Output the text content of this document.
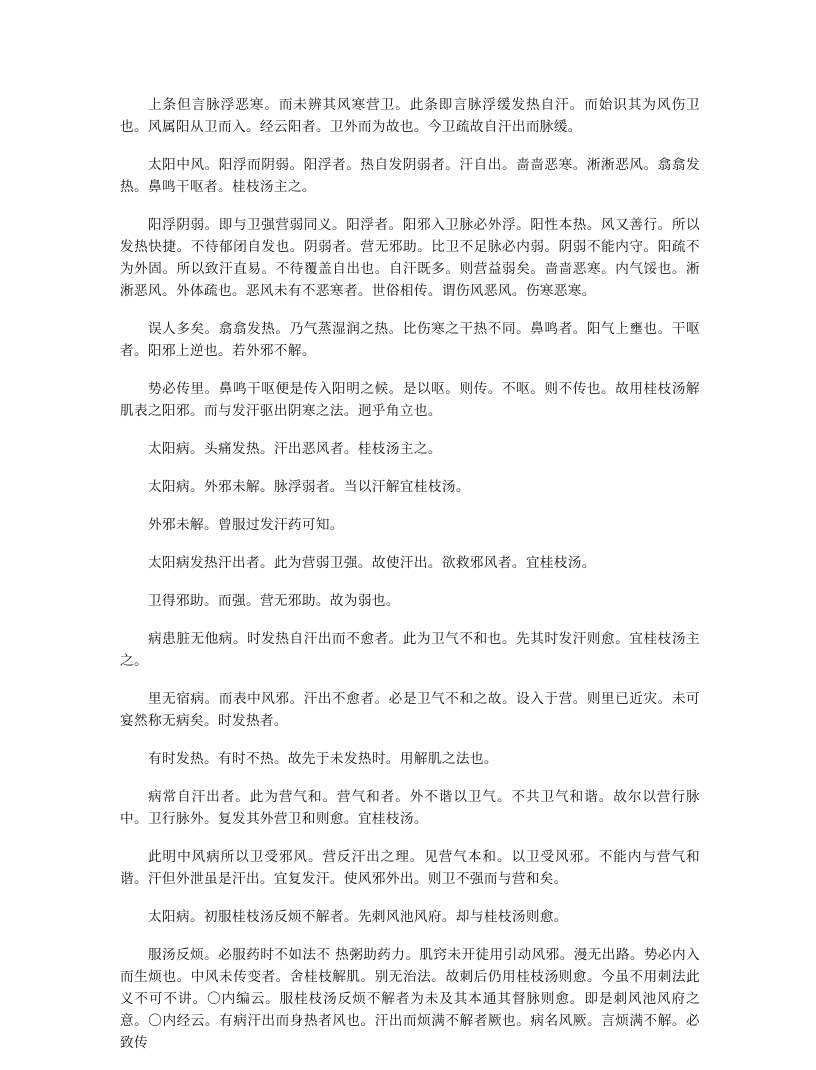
上条但言脉浮恶寒。而未辨其风寒营卫。此条即言脉浮缓发热自汗。而始识其为风伤卫也。风属阳从卫而入。经云阳者。卫外而为故也。今卫疏故自汗出而脉缓。

太阳中风。阳浮而阴弱。阳浮者。热自发阴弱者。汗自出。啬啬恶寒。淅淅恶风。翕翕发热。鼻鸣干呕者。桂枝汤主之。

阳浮阴弱。即与卫强营弱同义。阳浮者。阳邪入卫脉必外浮。阳性本热。风又善行。所以发热快捷。不待郁闭自发也。阴弱者。营无邪助。比卫不足脉必内弱。阴弱不能内守。阳疏不为外固。所以致汗直易。不待覆盖自出也。自汗既多。则营益弱矣。啬啬恶寒。内气馁也。淅淅恶风。外体疏也。恶风未有不恶寒者。世俗相传。谓伤风恶风。伤寒恶寒。

误人多矣。翕翕发热。乃气蒸湿润之热。比伤寒之干热不同。鼻鸣者。阳气上壅也。干呕者。阳邪上逆也。若外邪不解。

势必传里。鼻鸣干呕便是传入阳明之候。是以呕。则传。不呕。则不传也。故用桂枝汤解肌表之阳邪。而与发汗驱出阴寒之法。迥乎角立也。

太阳病。头痛发热。汗出恶风者。桂枝汤主之。

太阳病。外邪未解。脉浮弱者。当以汗解宜桂枝汤。

外邪未解。曾服过发汗药可知。

太阳病发热汗出者。此为营弱卫强。故使汗出。欲救邪风者。宜桂枝汤。

卫得邪助。而强。营无邪助。故为弱也。

病患脏无他病。时发热自汗出而不愈者。此为卫气不和也。先其时发汗则愈。宜桂枝汤主之。

里无宿病。而表中风邪。汗出不愈者。必是卫气不和之故。设入于营。则里已近灾。未可宴然称无病矣。时发热者。

有时发热。有时不热。故先于未发热时。用解肌之法也。

病常自汗出者。此为营气和。营气和者。外不谐以卫气。不共卫气和谐。故尔以营行脉中。卫行脉外。复发其外营卫和则愈。宜桂枝汤。

此明中风病所以卫受邪风。营反汗出之理。见营气本和。以卫受风邪。不能内与营气和谐。汗但外泄虽是汗出。宜复发汗。使风邪外出。则卫不强而与营和矣。

太阳病。初服桂枝汤反烦不解者。先刺风池风府。却与桂枝汤则愈。

服汤反烦。必服药时不如法不 热粥助药力。肌窍未开徒用引动风邪。漫无出路。势必内入而生烦也。中风未传变者。舍桂枝解肌。别无治法。故刺后仍用桂枝汤则愈。今虽不用刺法此义不可不讲。〇内编云。服桂枝汤反烦不解者为未及其本通其督脉则愈。即是刺风池风府之意。〇内经云。有病汗出而身热者风也。汗出而烦满不解者厥也。病名风厥。言烦满不解。必致传
